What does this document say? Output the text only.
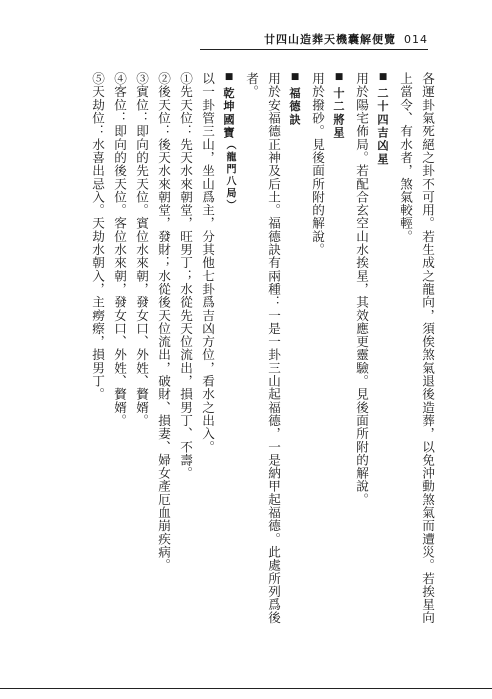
廿四山造葬天機囊解便覽 014
各運卦氣死絕之卦不可用。若生成之龍向，須俟煞氣退後造葬，以免沖動煞氣而遭災。若挨星向
上當令、有水者，煞氣較輕。
■二十四吉凶星
用於陽宅佈局。若配合玄空山水挨星，其效應更靈驗。見後面所附的解說。
■十二將星
用於撥砂。見後面所附的解說。
■福德訣
用於安福德正神及后土。福德訣有兩種：一是一卦三山起福德，一是納甲起福德。此處所列爲後
者。
■乾坤國寶（龍門八局）
以一卦管三山，坐山爲主，分其他七卦爲吉凶方位，看水之出入。
①先天位：先天水來朝堂，旺男丁；水從先天位流出，損男丁、不壽。
②後天位：後天水來朝堂，發財；水從後天位流出，破財、損妻、婦女產厄血崩疾病。
③賓位：即向的先天位。賓位水來朝，發女口、外姓、贅婿。
④客位：即向的後天位。客位水來朝，發女口、外姓、贅婿。
⑤天劫位：水喜出忌入。天劫水朝入，主癆瘵，損男丁。
